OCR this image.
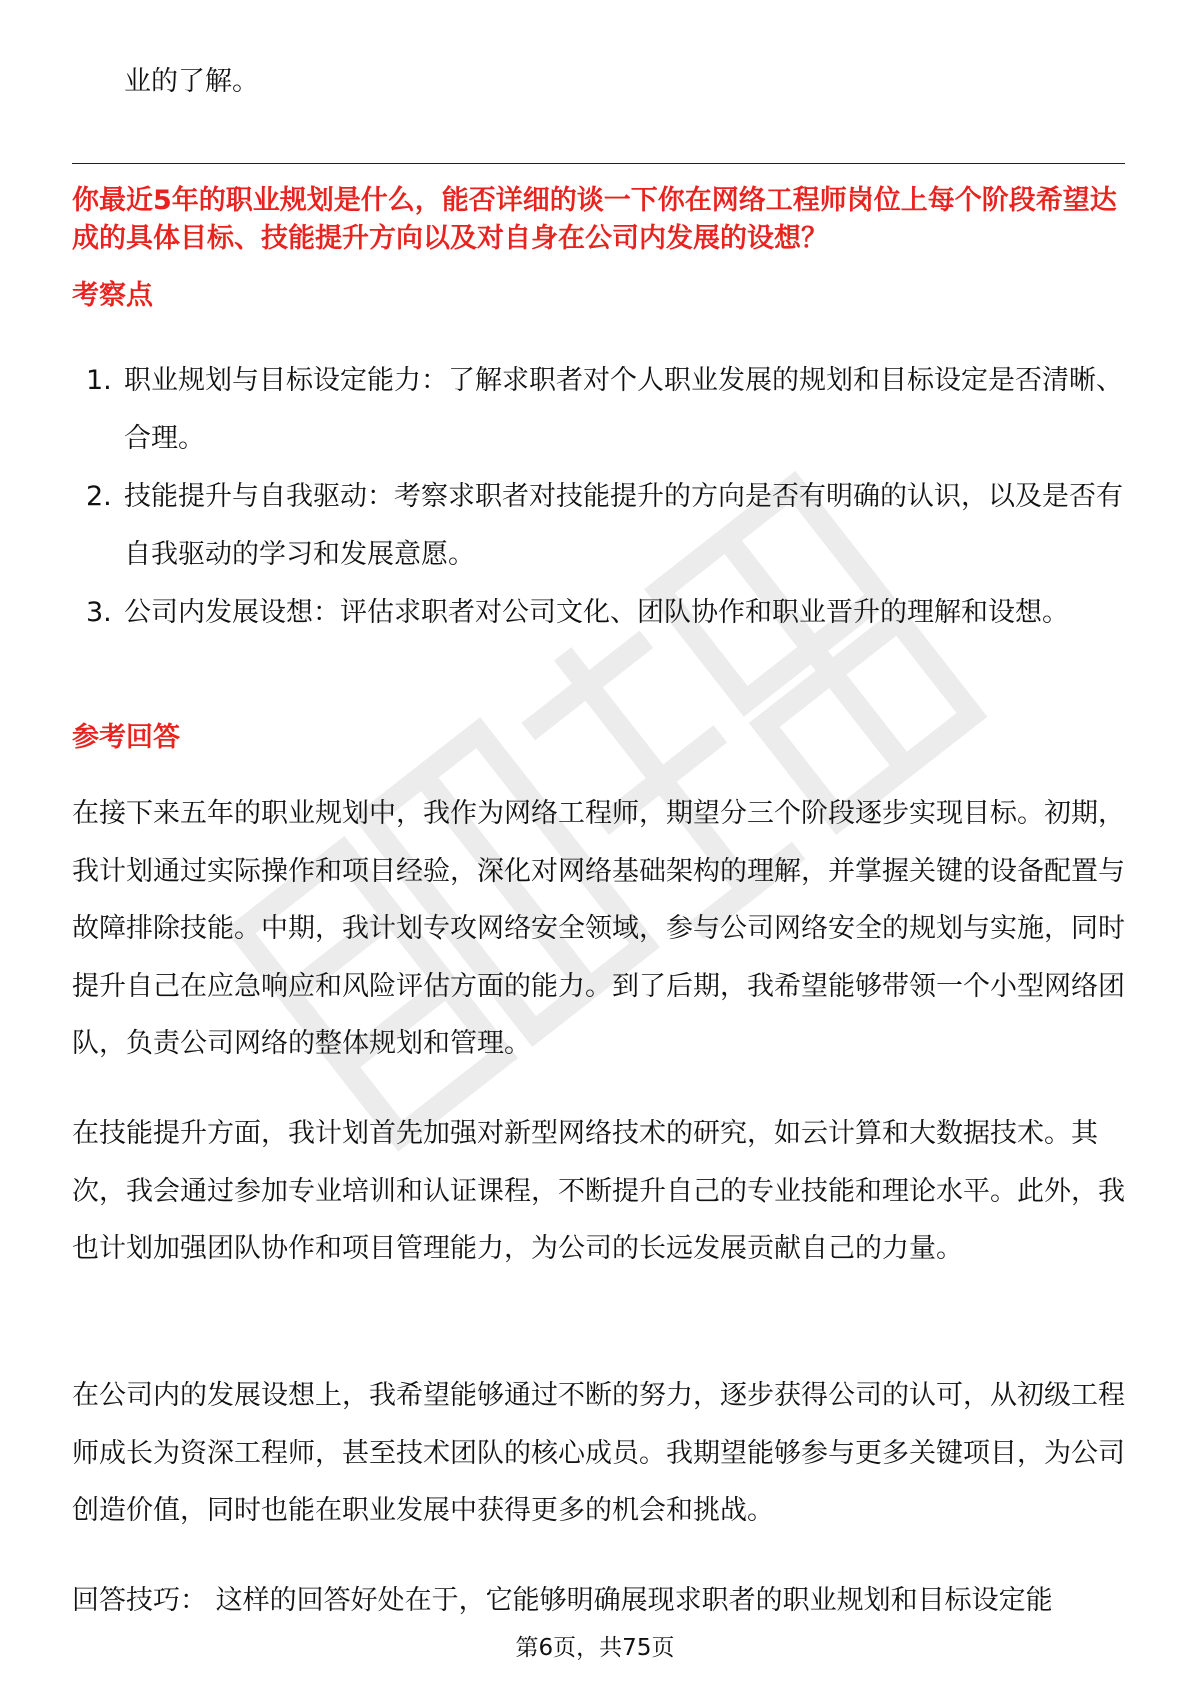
业的了解。

你最近5年的职业规划是什么，能否详细的谈一下你在网络工程师岗位上每个阶段希望达成的具体目标、技能提升方向以及对自身在公司内发展的设想？
考察点
1. 职业规划与目标设定能力：了解求职者对个人职业发展的规划和目标设定是否清晰、合理。
2. 技能提升与自我驱动：考察求职者对技能提升的方向是否有明确的认识，以及是否有自我驱动的学习和发展意愿。
3. 公司内发展设想：评估求职者对公司文化、团队协作和职业晋升的理解和设想。
参考回答

在接下来五年的职业规划中，我作为网络工程师，期望分三个阶段逐步实现目标。初期，我计划通过实际操作和项目经验，深化对网络基础架构的理解，并掌握关键的设备配置与故障排除技能。中期，我计划专攻网络安全领域，参与公司网络安全的规划与实施，同时提升自己在应急响应和风险评估方面的能力。到了后期，我希望能够带领一个小型网络团队，负责公司网络的整体规划和管理。

在技能提升方面，我计划首先加强对新型网络技术的研究，如云计算和大数据技术。其次，我会通过参加专业培训和认证课程，不断提升自己的专业技能和理论水平。此外，我也计划加强团队协作和项目管理能力，为公司的长远发展贡献自己的力量。

在公司内的发展设想上，我希望能够通过不断的努力，逐步获得公司的认可，从初级工程师成长为资深工程师，甚至技术团队的核心成员。我期望能够参与更多关键项目，为公司创造价值，同时也能在职业发展中获得更多的机会和挑战。

回答技巧： 这样的回答好处在于，它能够明确展现求职者的职业规划和目标设定能

第6页，共75页
